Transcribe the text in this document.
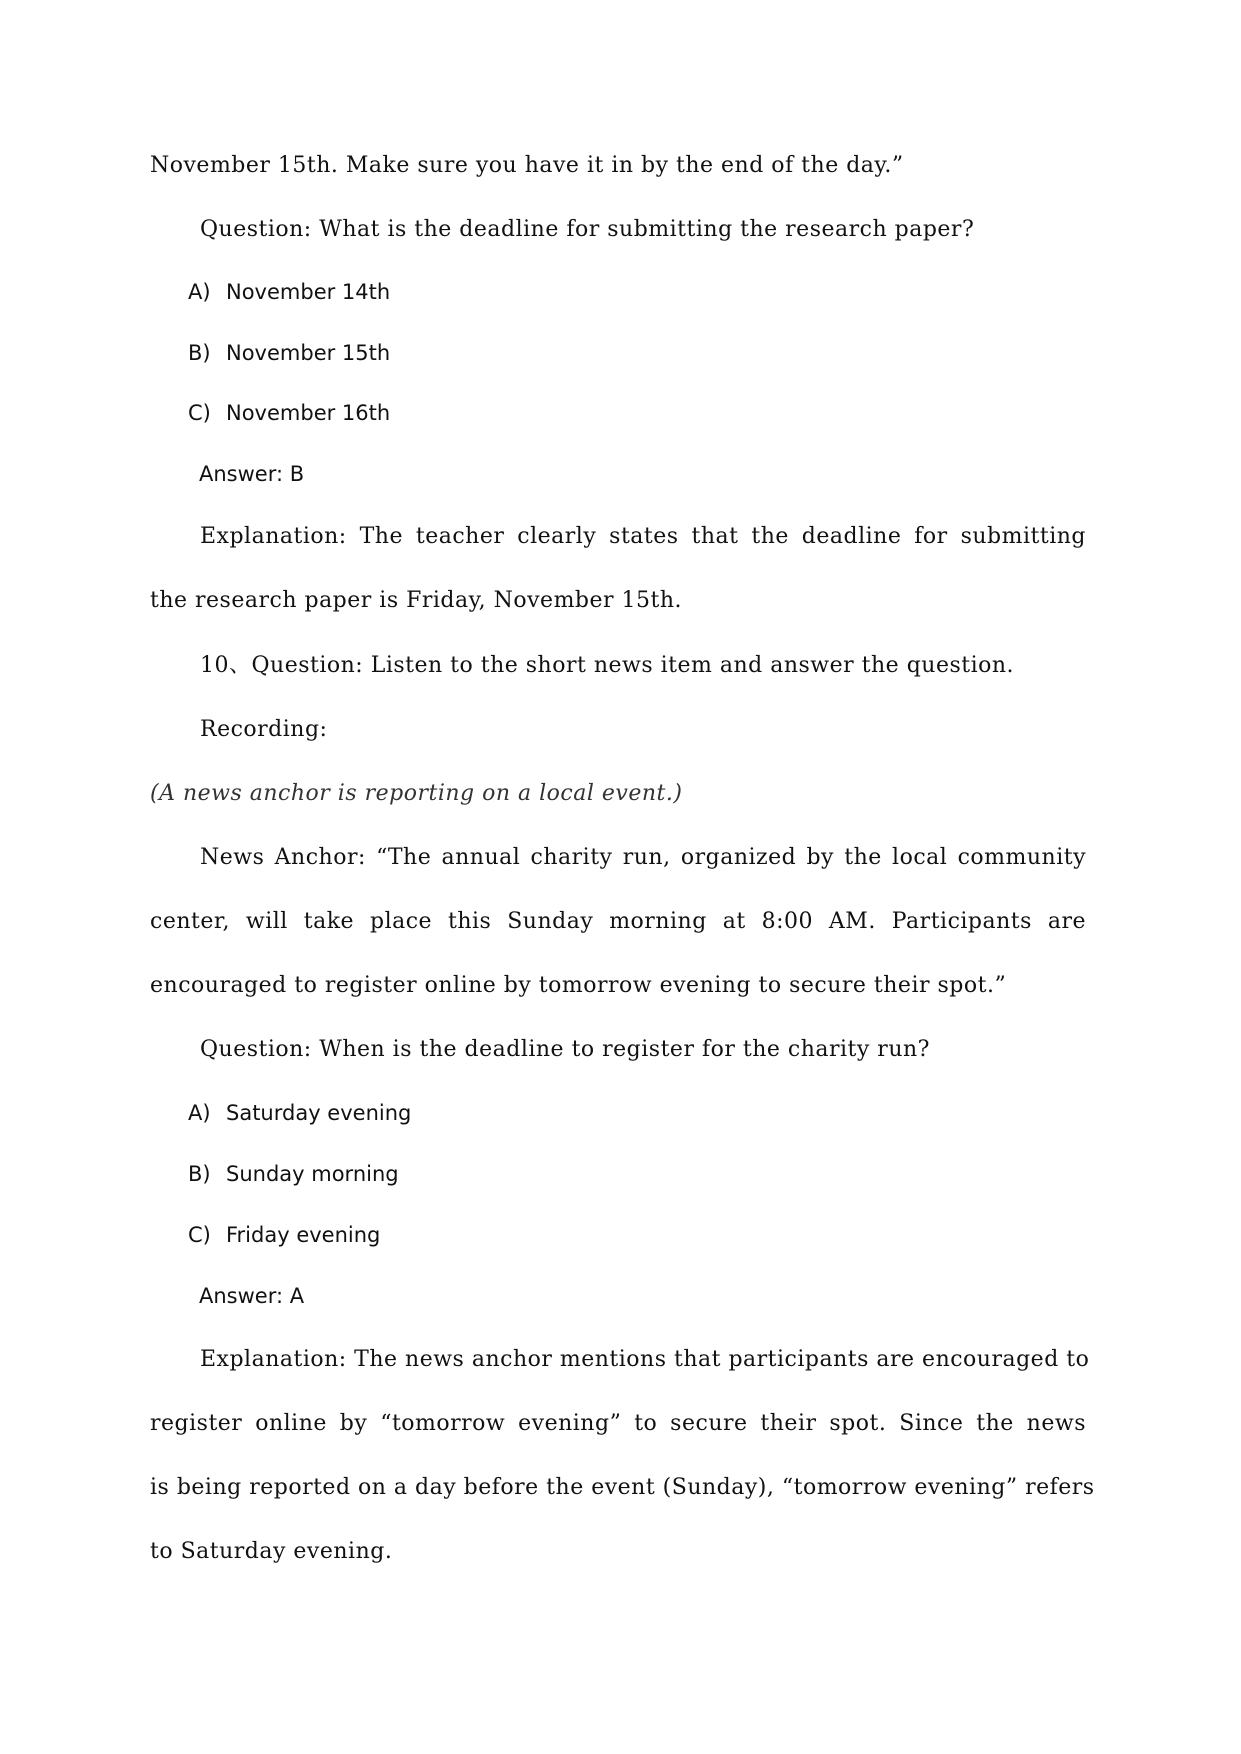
November 15th. Make sure you have it in by the end of the day.”

Question: What is the deadline for submitting the research paper?

A) November 14th
B) November 15th
C) November 16th

Answer: B

Explanation: The teacher clearly states that the deadline for submitting

the research paper is Friday, November 15th.

10、Question: Listen to the short news item and answer the question.

Recording:

(A news anchor is reporting on a local event.)

News Anchor: “The annual charity run, organized by the local community

center, will take place this Sunday morning at 8:00 AM. Participants are

encouraged to register online by tomorrow evening to secure their spot.”

Question: When is the deadline to register for the charity run?

A) Saturday evening
B) Sunday morning
C) Friday evening

Answer: A

Explanation: The news anchor mentions that participants are encouraged to

register online by “tomorrow evening” to secure their spot. Since the news

is being reported on a day before the event (Sunday), “tomorrow evening” refers

to Saturday evening.
